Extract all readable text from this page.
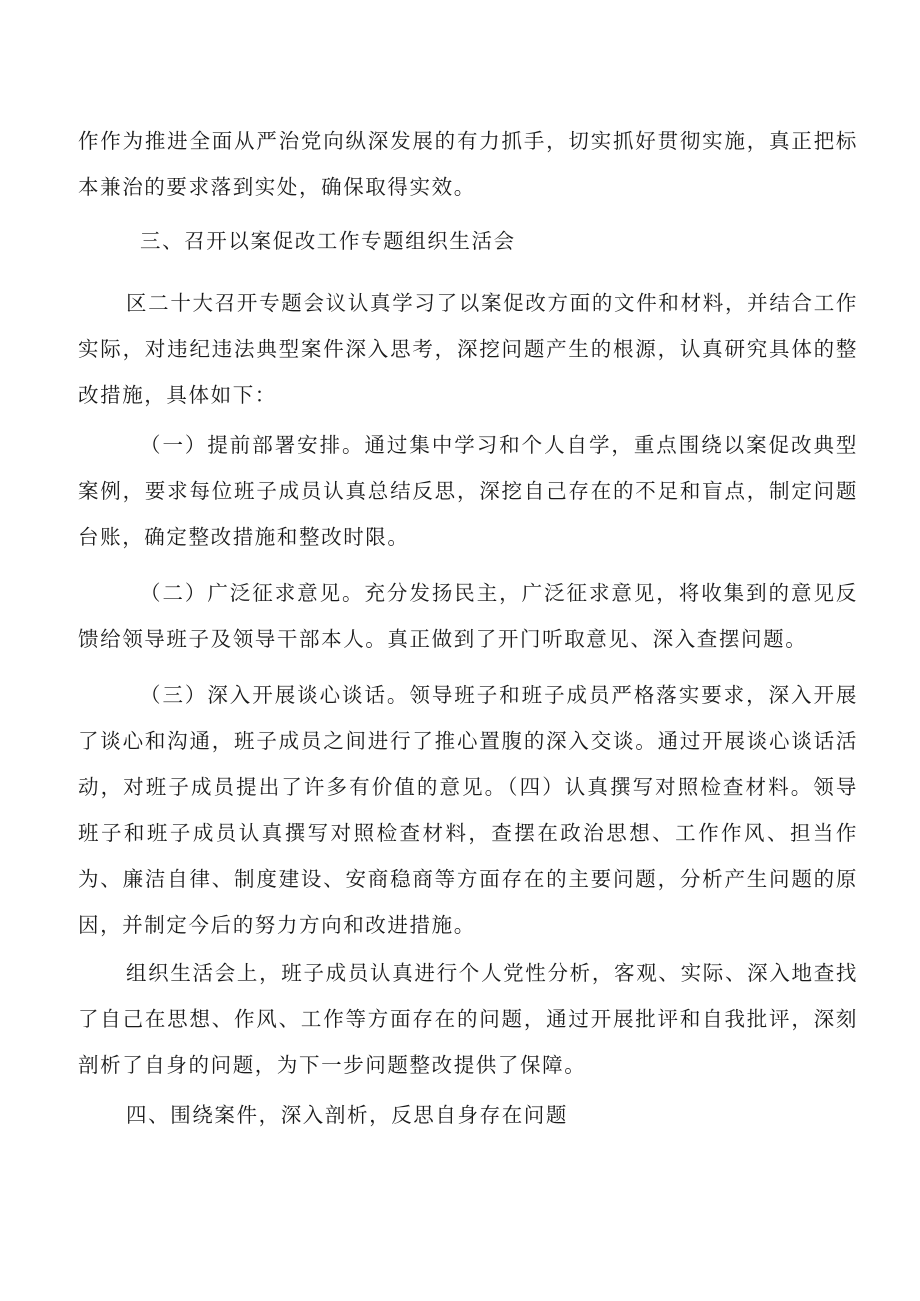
作作为推进全面从严治党向纵深发展的有力抓手，切实抓好贯彻实施，真正把标本兼治的要求落到实处，确保取得实效。

三、召开以案促改工作专题组织生活会

区二十大召开专题会议认真学习了以案促改方面的文件和材料，并结合工作实际，对违纪违法典型案件深入思考，深挖问题产生的根源，认真研究具体的整改措施，具体如下：

（一）提前部署安排。通过集中学习和个人自学，重点围绕以案促改典型案例，要求每位班子成员认真总结反思，深挖自己存在的不足和盲点，制定问题台账，确定整改措施和整改时限。

（二）广泛征求意见。充分发扬民主，广泛征求意见，将收集到的意见反馈给领导班子及领导干部本人。真正做到了开门听取意见、深入查摆问题。

（三）深入开展谈心谈话。领导班子和班子成员严格落实要求，深入开展了谈心和沟通，班子成员之间进行了推心置腹的深入交谈。通过开展谈心谈话活动，对班子成员提出了许多有价值的意见。（四）认真撰写对照检查材料。领导班子和班子成员认真撰写对照检查材料，查摆在政治思想、工作作风、担当作为、廉洁自律、制度建设、安商稳商等方面存在的主要问题，分析产生问题的原因，并制定今后的努力方向和改进措施。

组织生活会上，班子成员认真进行个人党性分析，客观、实际、深入地查找了自己在思想、作风、工作等方面存在的问题，通过开展批评和自我批评，深刻剖析了自身的问题，为下一步问题整改提供了保障。

四、围绕案件，深入剖析，反思自身存在问题
